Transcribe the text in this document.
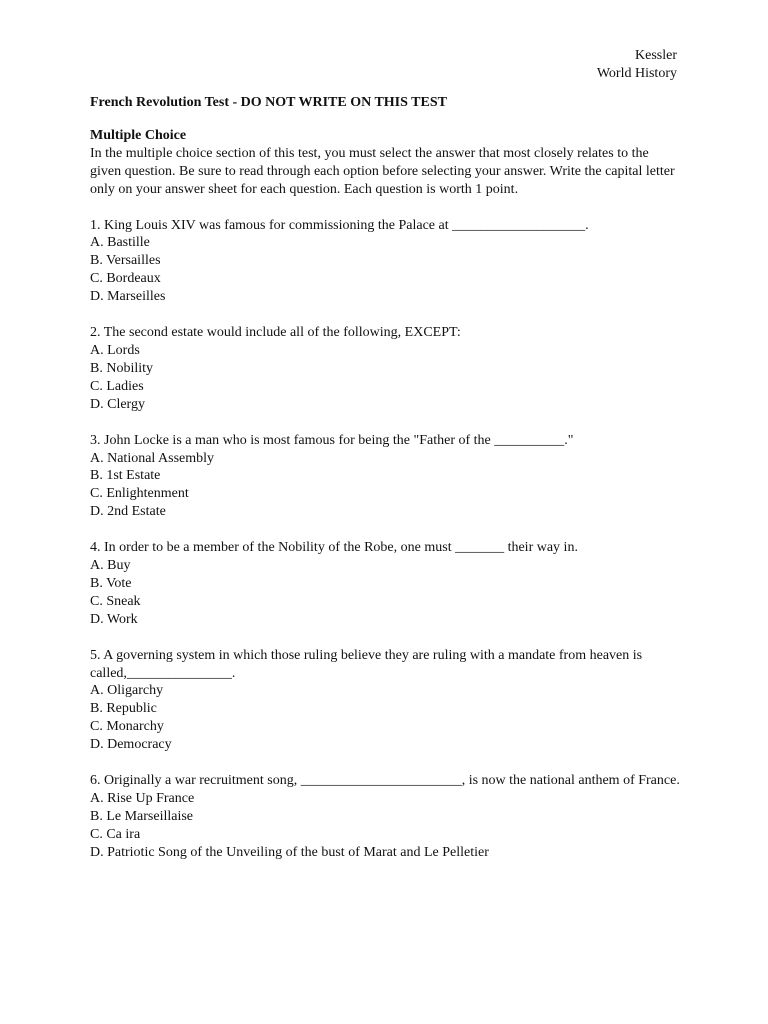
Kessler
World History

French Revolution Test - DO NOT WRITE ON THIS TEST

Multiple Choice

In the multiple choice section of this test, you must select the answer that most closely relates to the given question. Be sure to read through each option before selecting your answer. Write the capital letter only on your answer sheet for each question. Each question is worth 1 point.

1. King Louis XIV was famous for commissioning the Palace at ___________________.

A. Bastille
B. Versailles
C. Bordeaux
D. Marseilles

2. The second estate would include all of the following, EXCEPT:

A. Lords
B. Nobility
C. Ladies
D. Clergy

3. John Locke is a man who is most famous for being the "Father of the __________."

A. National Assembly
B. 1st Estate
C. Enlightenment
D. 2nd Estate

4. In order to be a member of the Nobility of the Robe, one must _______ their way in.

A. Buy
B. Vote
C. Sneak
D. Work

5. A governing system in which those ruling believe they are ruling with a mandate from heaven is called,_______________.

A. Oligarchy
B. Republic
C. Monarchy
D. Democracy

6. Originally a war recruitment song, _______________________, is now the national anthem of France.

A. Rise Up France
B. Le Marseillaise
C. Ca ira
D. Patriotic Song of the Unveiling of the bust of Marat and Le Pelletier
